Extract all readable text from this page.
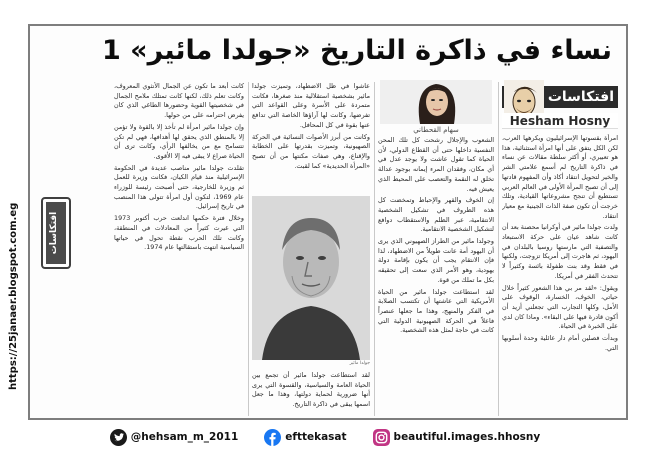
نساء في ذاكرة التاريخ «جولدا مائير» 1
افتكاسات
Hesham Hosny
سهام القحطاني
جولدا مائير

امرأة بقسوتها الإسرائيليون ويكرهها العرب، لكن الكل يتفق على أنها امرأة استثنائية، هذا هو تعبيري، أو أكثر سلطة مقالات عن نساء في ذاكرة التاريخ لم أسمع علامتي الشر والخير لتحويل انتقاد أكاذ وأن المفهوم قادتها إلى أن تصبح المرأة الأولى في العالم العربي تستطيع أن تنجح مشروعاتها القيادية، وتلك خرجت أن تكون صفة الذات الجينية مع معيار انتقاد.

ولدت جولدا مائير في أوكرانيا محصنة بعد أن كانت شاهد عيان على حركة الاستبعاد والتصفية التي مارستها روسيا بالبلدان في اليهود، ثم هاجرت إلى أمريكا تزوجت، ولكنها في فقط وقد بنت طفولة بائسة وكثيراً لا تتحدث الفقر في أمريكا.

ويقول: «لقد مر بي هذا الشعور كثيراً خلال حياتي، الخوف، الخسارة، الوقوف على الأمل، وكلها التجارب التي تجعلني أزيد أن أكون قادرة فيها على البقاء». وماذا كان لدي على الخبرة في الحياة.

وبدأت فصلين أمام دار عائلية وحدة أسلوبها التي.

الشعوب والإجلال رشحت كل تلك المحن النفسية داخلها حتى أن القطاع الدولي، لأن الحياة كما تقول عاشت ولا يوجد عدل في أي مكان، وفقدان المرء إيمانه بوجود عدالة تخلق له النقمة والتعصب على المحيط الذي يعيش فيه.

إن الخوف والقهر والإحباط وتمخضت كل هذه الظروف في تشكيل الشخصية الانتقامية، عبر الظلم والاستقطاب دوافع لتشكيل الشخصية الانتقامية.

وجولدا مائير من الطراز الصهيوني الذي يرى أن اليهود أمة عانت طويلاً من الاضطهاد، لذا فإن الانتقام يجب أن يكون بإقامة دولة يهودية، وهو الأمر الذي سعت إلى تحقيقه بكل ما تملك من قوة.

لقد استطاعت جولدا مائير من الحياة الأمريكية التي عاشتها أن تكتسب الصلابة في الفكر والمنهج، وهذا ما جعلها عنصراً فاعلاً في الحركة الصهيونية الدولية التي كانت في حاجة لمثل هذه الشخصية.

عاشوا في ظل الاضطهاد، وتميزت جولدا مائير بشخصية استقلالية منذ صغرها، فكانت متمردة على الأسرة وعلى القواعد التي تفرضها، وكانت لها آراؤها الخاصة التي تدافع عنها بقوة في كل المحافل.

وكانت من أبرز الأصوات النسائية في الحركة الصهيونية، وتميزت بقدرتها على الخطابة والإقناع، وهي صفات مكنتها من أن تصبح «المرأة الحديدية» كما لقبت.

لقد استطاعت جولدا مائير أن تجمع بين الحياة العامة والسياسية، والقسوة التي يرى أنها ضرورية لحماية دولتها، وهذا ما جعل اسمها يبقى في ذاكرة التاريخ.

كانت أبعد ما تكون عن الجمال الأنثوي المعروف، وكانت تعلم ذلك، لكنها كانت تمتلك ملامح الجمال في شخصيتها القوية وحضورها الطاغي الذي كان يفرض احترامه على من حولها.

وإن جولدا مائير امرأة لم تأخذ إلا بالقوة ولا تؤمن إلا بالمنطق الذي يحقق لها أهدافها، فهي لم تكن تتسامح مع من يخالفها الرأي، وكانت ترى أن الحياة صراع لا يبقى فيه إلا الأقوى.

تقلدت جولدا مائير مناصب عديدة في الحكومة الإسرائيلية منذ قيام الكيان، فكانت وزيرة للعمل ثم وزيرة للخارجية، حتى أصبحت رئيسة للوزراء عام 1969، لتكون أول امرأة تتولى هذا المنصب في تاريخ إسرائيل.

وخلال فترة حكمها اندلعت حرب أكتوبر 1973 التي غيرت كثيراً من المعادلات في المنطقة، وكانت تلك الحرب نقطة تحول في حياتها السياسية انتهت باستقالتها عام 1974.

افتكاسات
https://25janaer.blogspot.com.eg
@hehsam_m_2011	efttekasat	beautiful.images.hhosny
